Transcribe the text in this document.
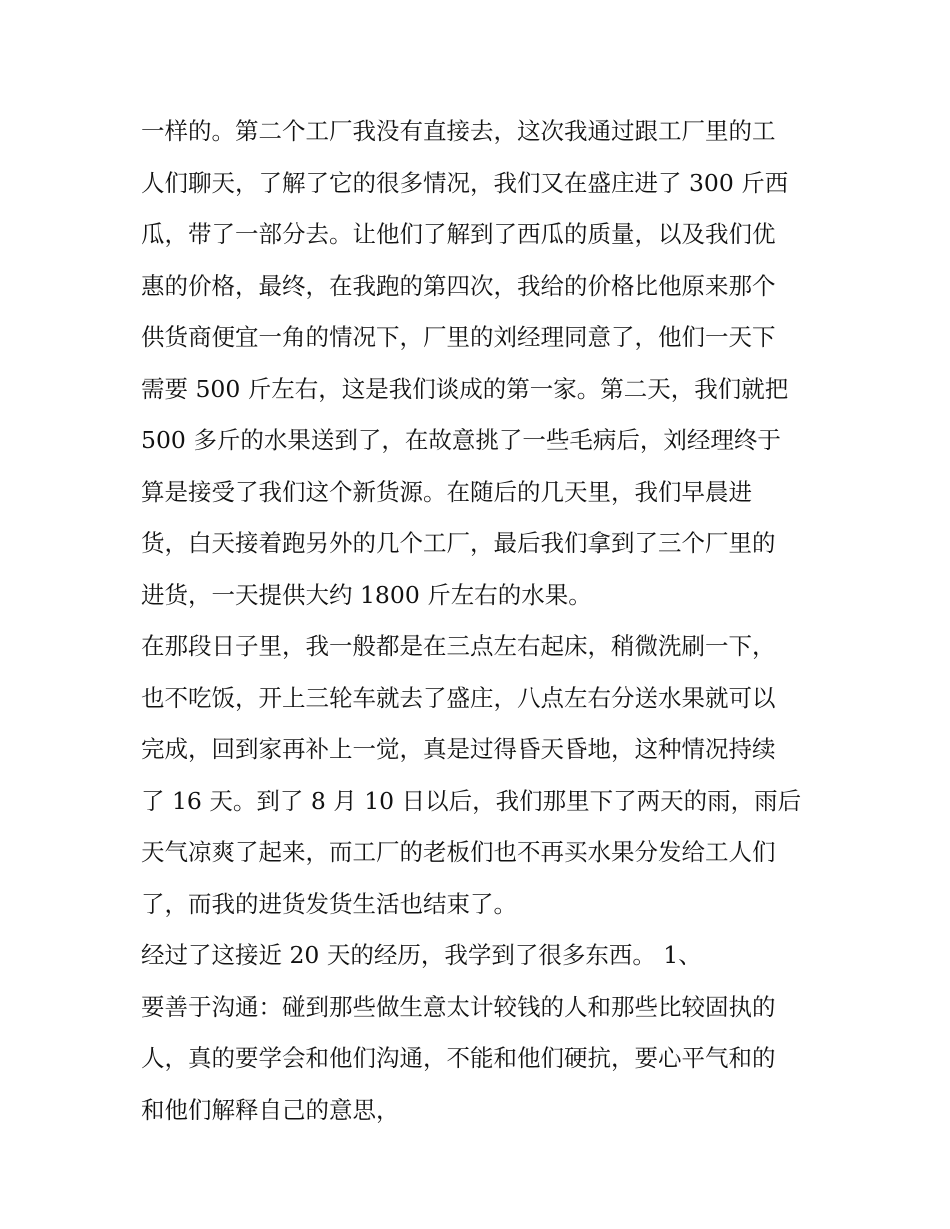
一样的。第二个工厂我没有直接去，这次我通过跟工厂里的工
人们聊天，了解了它的很多情况，我们又在盛庄进了 300 斤西
瓜，带了一部分去。让他们了解到了西瓜的质量，以及我们优
惠的价格，最终，在我跑的第四次，我给的价格比他原来那个
供货商便宜一角的情况下，厂里的刘经理同意了，他们一天下
需要 500 斤左右，这是我们谈成的第一家。第二天，我们就把
500 多斤的水果送到了，在故意挑了一些毛病后，刘经理终于
算是接受了我们这个新货源。在随后的几天里，我们早晨进
货，白天接着跑另外的几个工厂，最后我们拿到了三个厂里的
进货，一天提供大约 1800 斤左右的水果。
在那段日子里，我一般都是在三点左右起床，稍微洗刷一下，
也不吃饭，开上三轮车就去了盛庄，八点左右分送水果就可以
完成，回到家再补上一觉，真是过得昏天昏地，这种情况持续
了 16 天。到了 8 月 10 日以后，我们那里下了两天的雨，雨后
天气凉爽了起来，而工厂的老板们也不再买水果分发给工人们
了，而我的进货发货生活也结束了。
经过了这接近 20 天的经历，我学到了很多东西。 1、
要善于沟通：碰到那些做生意太计较钱的人和那些比较固执的
人，真的要学会和他们沟通，不能和他们硬抗，要心平气和的
和他们解释自己的意思，
